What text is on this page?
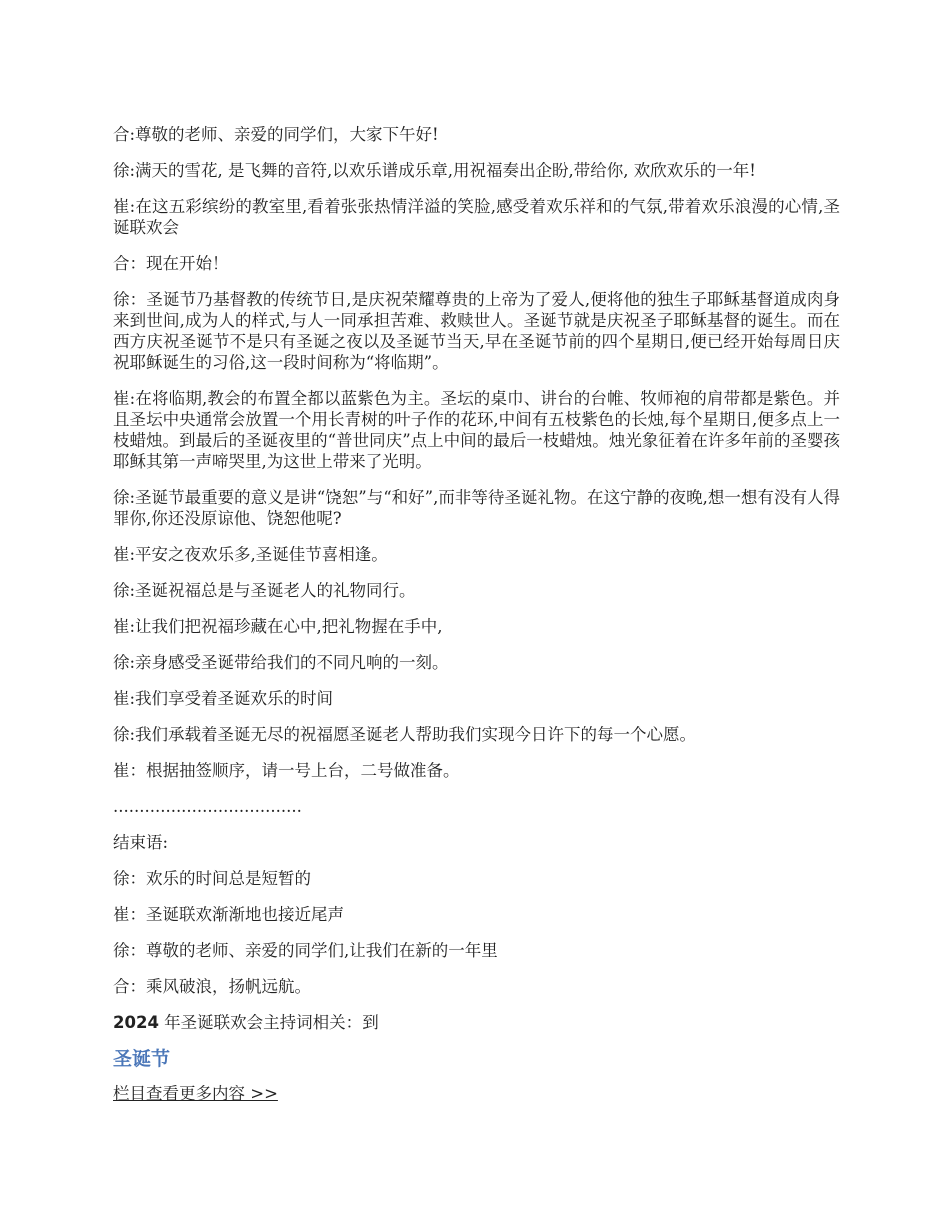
合:尊敬的老师、亲爱的同学们，大家下午好!

徐:满天的雪花, 是飞舞的音符,以欢乐谱成乐章,用祝福奏出企盼,带给你, 欢欣欢乐的一年!

崔:在这五彩缤纷的教室里,看着张张热情洋溢的笑脸,感受着欢乐祥和的气氛,带着欢乐浪漫的心情,圣诞联欢会

合：现在开始！

徐：圣诞节乃基督教的传统节日,是庆祝荣耀尊贵的上帝为了爱人,便将他的独生子耶稣基督道成肉身来到世间,成为人的样式,与人一同承担苦难、救赎世人。圣诞节就是庆祝圣子耶稣基督的诞生。而在西方庆祝圣诞节不是只有圣诞之夜以及圣诞节当天,早在圣诞节前的四个星期日,便已经开始每周日庆祝耶稣诞生的习俗,这一段时间称为“将临期”。

崔:在将临期,教会的布置全都以蓝紫色为主。圣坛的桌巾、讲台的台帷、牧师袍的肩带都是紫色。并且圣坛中央通常会放置一个用长青树的叶子作的花环,中间有五枝紫色的长烛,每个星期日,便多点上一枝蜡烛。到最后的圣诞夜里的“普世同庆”点上中间的最后一枝蜡烛。烛光象征着在许多年前的圣婴孩耶稣其第一声啼哭里,为这世上带来了光明。

徐:圣诞节最重要的意义是讲“饶恕”与“和好”,而非等待圣诞礼物。在这宁静的夜晚,想一想有没有人得罪你,你还没原谅他、饶恕他呢?

崔:平安之夜欢乐多,圣诞佳节喜相逢。

徐:圣诞祝福总是与圣诞老人的礼物同行。

崔:让我们把祝福珍藏在心中,把礼物握在手中,

徐:亲身感受圣诞带给我们的不同凡响的一刻。

崔:我们享受着圣诞欢乐的时间

徐:我们承载着圣诞无尽的祝福愿圣诞老人帮助我们实现今日许下的每一个心愿。

崔：根据抽签顺序，请一号上台，二号做准备。

....................................

结束语:

徐：欢乐的时间总是短暂的

崔：圣诞联欢渐渐地也接近尾声

徐：尊敬的老师、亲爱的同学们,让我们在新的一年里

合：乘风破浪，扬帆远航。

2024 年圣诞联欢会主持词相关：到

圣诞节
栏目查看更多内容 >>
